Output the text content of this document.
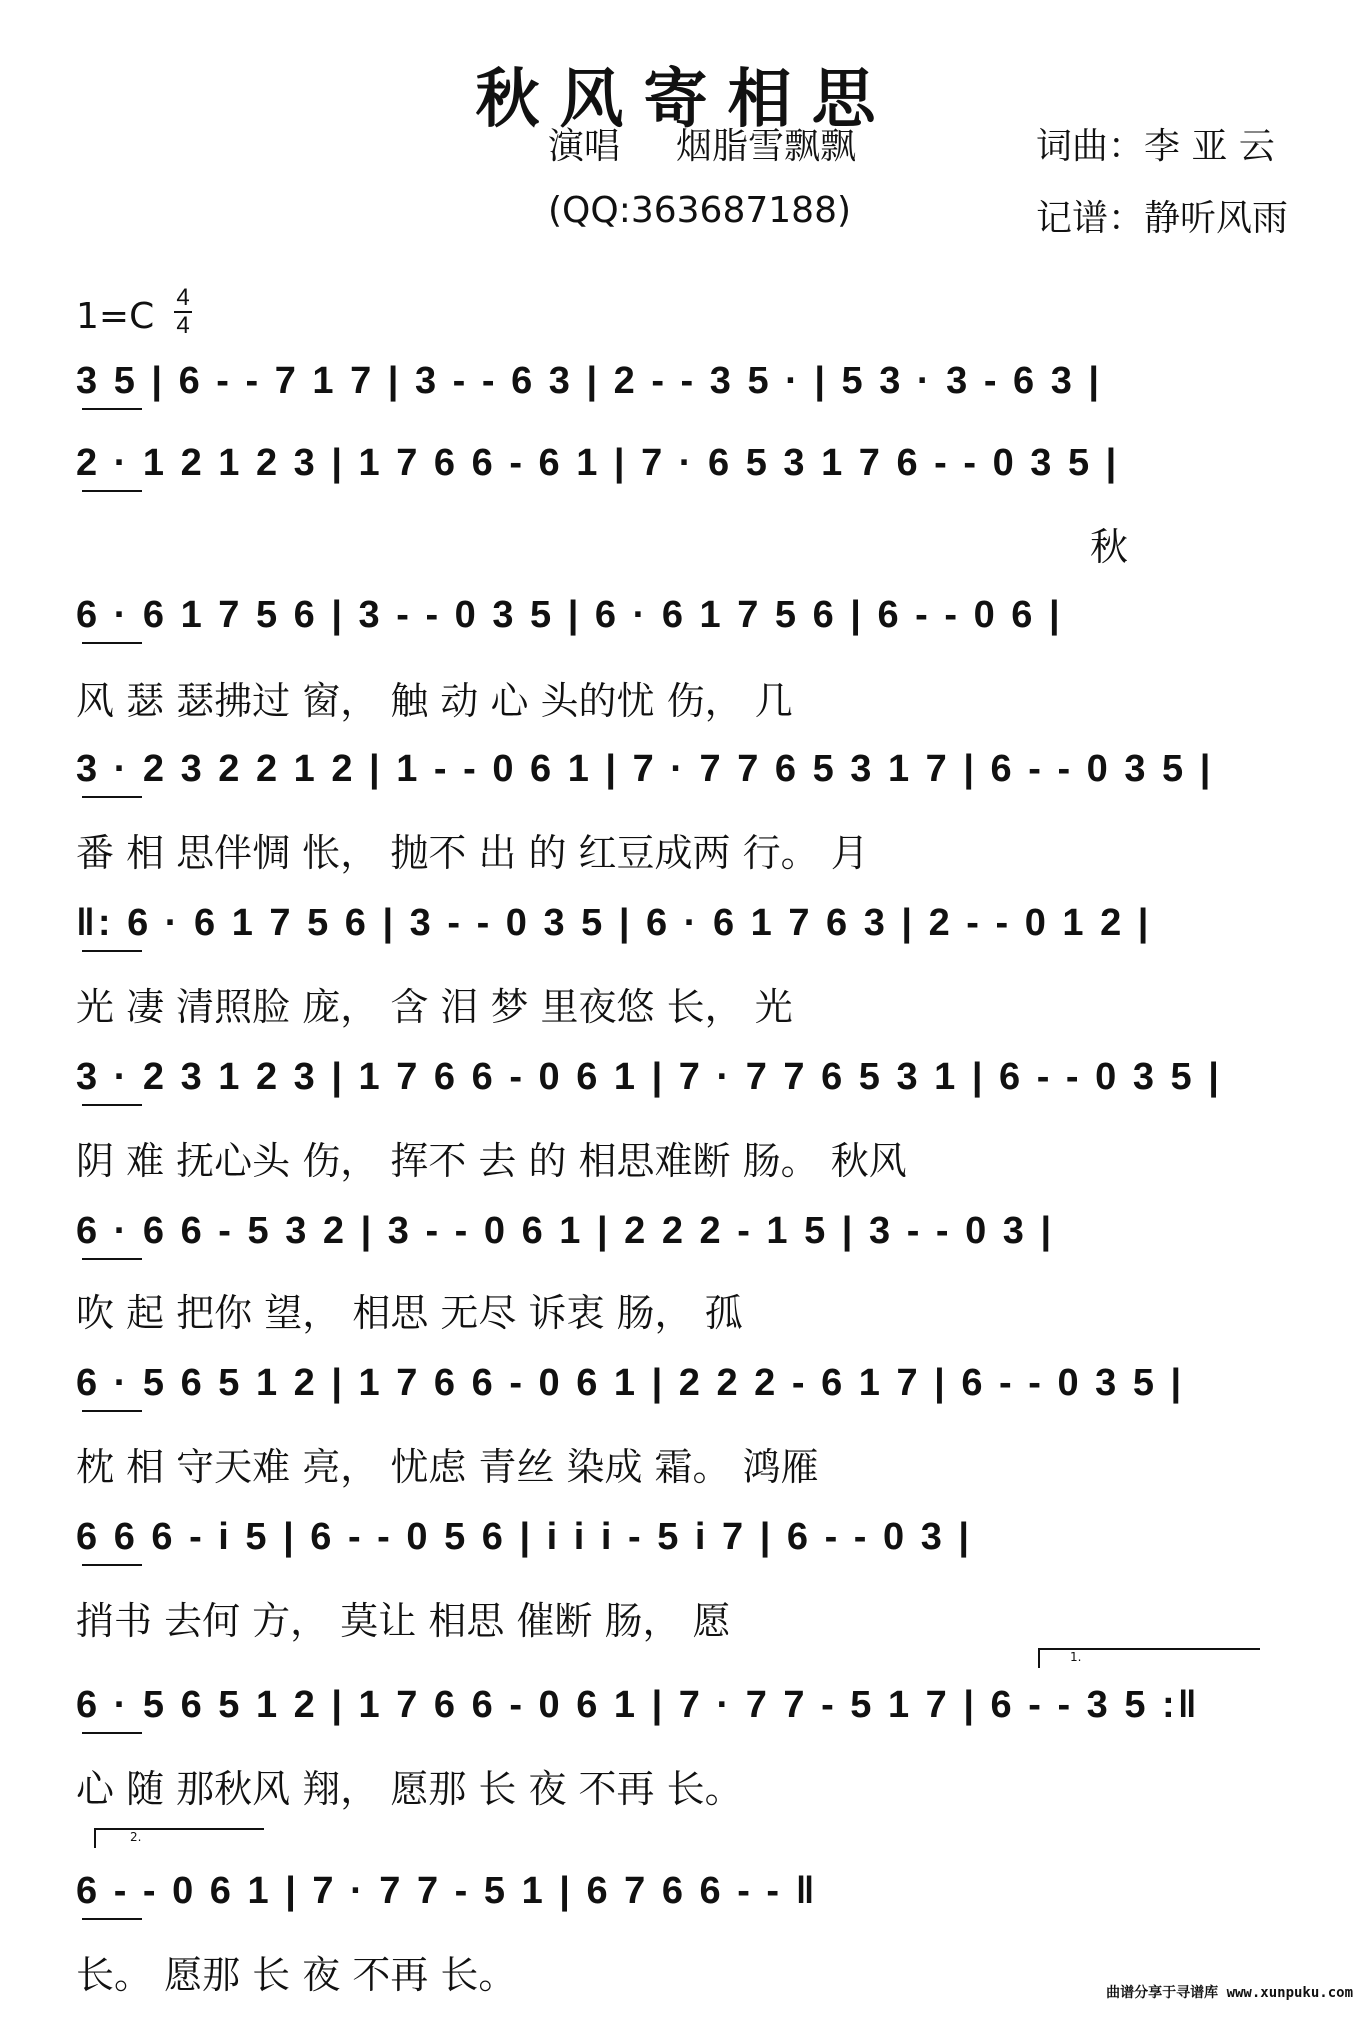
秋风寄相思
演唱 烟脂雪飘飘	词曲：李 亚 云
(QQ:363687188)	记谱：静听风雨
1=C 4
4
3 5 | 6 - - 7 1 7 | 3 - - 6 3 | 2 - - 3 5 · | 5 3 · 3 - 6 3 |
2 · 1 2 1 2 3 | 1 7 6 6 - 6 1 | 7 · 6 5 3 1 7 6 - - 0 3 5 |
秋
6 · 6 1 7 5 6 | 3 - - 0 3 5 | 6 · 6 1 7 5 6 | 6 - - 0 6 |
风 瑟 瑟拂过 窗， 触 动 心 头的忧 伤， 几
3 · 2 3 2 2 1 2 | 1 - - 0 6 1 | 7 · 7 7 6 5 3 1 7 | 6 - - 0 3 5 |
番 相 思伴惆 怅， 抛不 出 的 红豆成两 行。 月
‖: 6 · 6 1 7 5 6 | 3 - - 0 3 5 | 6 · 6 1 7 6 3 | 2 - - 0 1 2 |
光 凄 清照脸 庞， 含 泪 梦 里夜悠 长， 光
3 · 2 3 1 2 3 | 1 7 6 6 - 0 6 1 | 7 · 7 7 6 5 3 1 | 6 - - 0 3 5 |
阴 难 抚心头 伤， 挥不 去 的 相思难断 肠。 秋风
6 · 6 6 - 5 3 2 | 3 - - 0 6 1 | 2 2 2 - 1 5 | 3 - - 0 3 |
吹 起 把你 望， 相思 无尽 诉衷 肠， 孤
6 · 5 6 5 1 2 | 1 7 6 6 - 0 6 1 | 2 2 2 - 6 1 7 | 6 - - 0 3 5 |
枕 相 守天难 亮， 忧虑 青丝 染成 霜。 鸿雁
6 6 6 - i 5 | 6 - - 0 5 6 | i i i - 5 i 7 | 6 - - 0 3 |
捎书 去何 方， 莫让 相思 催断 肠， 愿
6 · 5 6 5 1 2 | 1 7 6 6 - 0 6 1 | 7 · 7 7 - 5 1 7 | 6 - - 3 5 :‖
心 随 那秋风 翔， 愿那 长 夜 不再 长。
6 - - 0 6 1 | 7 · 7 7 - 5 1 | 6 7 6 6 - - ‖
长。 愿那 长 夜 不再 长。
1.
2.
曲谱分享于寻谱库 www.xunpuku.com
